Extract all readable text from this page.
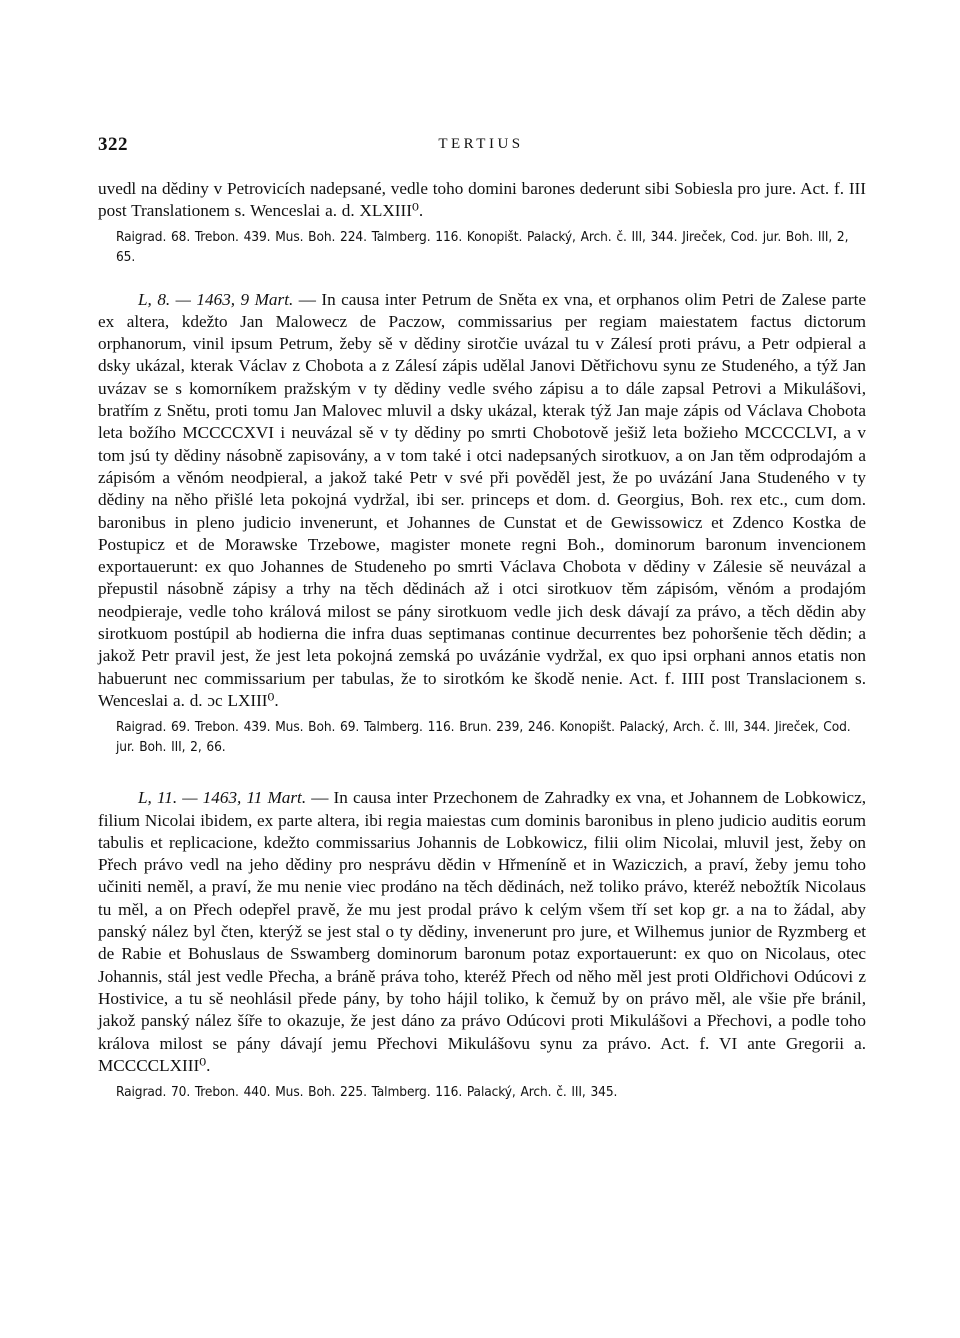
322	TERTIUS

uvedl na dědiny v Petrovicích nadepsané, vedle toho domini barones dederunt sibi Sobiesla pro jure. Act. f. III post Translationem s. Wenceslai a. d. XLXIII⁰.

Raigrad. 68. Trebon. 439. Mus. Boh. 224. Talmberg. 116. Konopišt. Palacký, Arch. č. III, 344. Jireček, Cod. jur. Boh. III, 2, 65.

L, 8. — 1463, 9 Mart. — In causa inter Petrum de Sněta ex vna, et orphanos olim Petri de Zalese parte ex altera, kdežto Jan Malowecz de Paczow, commissarius per regiam maiestatem factus dictorum orphanorum, vinil ipsum Petrum, žeby sě v dědiny sirotčie uvázal tu v Zálesí proti právu, a Petr odpieral a dsky ukázal, kterak Václav z Chobota a z Zálesí zápis udělal Janovi Dětřichovu synu ze Studeného, a týž Jan uvázav se s komorníkem pražským v ty dědiny vedle svého zápisu a to dále zapsal Petrovi a Mikulášovi, bratřím z Snětu, proti tomu Jan Malovec mluvil a dsky ukázal, kterak týž Jan maje zápis od Václava Chobota leta božího MCCCCXVI i neuvázal sě v ty dědiny po smrti Chobotově ješiž leta božieho MCCCCLVI, a v tom jsú ty dědiny násobně zapisovány, a v tom také i otci nadepsaných sirotkuov, a on Jan těm odprodajóm a zápisóm a věnóm neodpieral, a jakož také Petr v své při pověděl jest, že po uvázání Jana Studeného v ty dědiny na něho přišlé leta pokojná vydržal, ibi ser. princeps et dom. d. Georgius, Boh. rex etc., cum dom. baronibus in pleno judicio invenerunt, et Johannes de Cunstat et de Gewissowicz et Zdenco Kostka de Postupicz et de Morawske Trzebowe, magister monete regni Boh., dominorum baronum invencionem exportauerunt: ex quo Johannes de Studeneho po smrti Václava Chobota v dědiny v Zálesie sě neuvázal a přepustil násobně zápisy a trhy na těch dědinách až i otci sirotkuov těm zápisóm, věnóm a prodajóm neodpieraje, vedle toho králová milost se pány sirotkuom vedle jich desk dávají za právo, a těch dědin aby sirotkuom postúpil ab hodierna die infra duas septimanas continue decurrentes bez pohoršenie těch dědin; a jakož Petr pravil jest, že jest leta pokojná zemská po uvázánie vydržal, ex quo ipsi orphani annos etatis non habuerunt nec commissarium per tabulas, že to sirotkóm ke škodě nenie. Act. f. IIII post Translacionem s. Wenceslai a. d. ɔc LXIII⁰.

Raigrad. 69. Trebon. 439. Mus. Boh. 69. Talmberg. 116. Brun. 239, 246. Konopišt. Palacký, Arch. č. III, 344. Jireček, Cod. jur. Boh. III, 2, 66.

L, 11. — 1463, 11 Mart. — In causa inter Przechonem de Zahradky ex vna, et Johannem de Lobkowicz, filium Nicolai ibidem, ex parte altera, ibi regia maiestas cum dominis baronibus in pleno judicio auditis eorum tabulis et replicacione, kdežto commissarius Johannis de Lobkowicz, filii olim Nicolai, mluvil jest, žeby on Přech právo vedl na jeho dědiny pro nesprávu dědin v Hřmeníně et in Waziczich, a praví, žeby jemu toho učiniti neměl, a praví, že mu nenie viec prodáno na těch dědinách, než toliko právo, kteréž nebožtík Nicolaus tu měl, a on Přech odepřel pravě, že mu jest prodal právo k celým všem tří set kop gr. a na to žádal, aby panský nález byl čten, kterýž se jest stal o ty dědiny, invenerunt pro jure, et Wilhemus junior de Ryzmberg et de Rabie et Bohuslaus de Sswamberg dominorum baronum potaz exportauerunt: ex quo on Nicolaus, otec Johannis, stál jest vedle Přecha, a bráně práva toho, kteréž Přech od něho měl jest proti Oldřichovi Odúcovi z Hostivice, a tu sě neohlásil přede pány, by toho hájil toliko, k čemuž by on právo měl, ale všie pře bránil, jakož panský nález šíře to okazuje, že jest dáno za právo Odúcovi proti Mikulášovi a Přechovi, a podle toho králova milost se pány dávají jemu Přechovi Mikulášovu synu za právo. Act. f. VI ante Gregorii a. MCCCCLXIII⁰.

Raigrad. 70. Trebon. 440. Mus. Boh. 225. Talmberg. 116. Palacký, Arch. č. III, 345.
